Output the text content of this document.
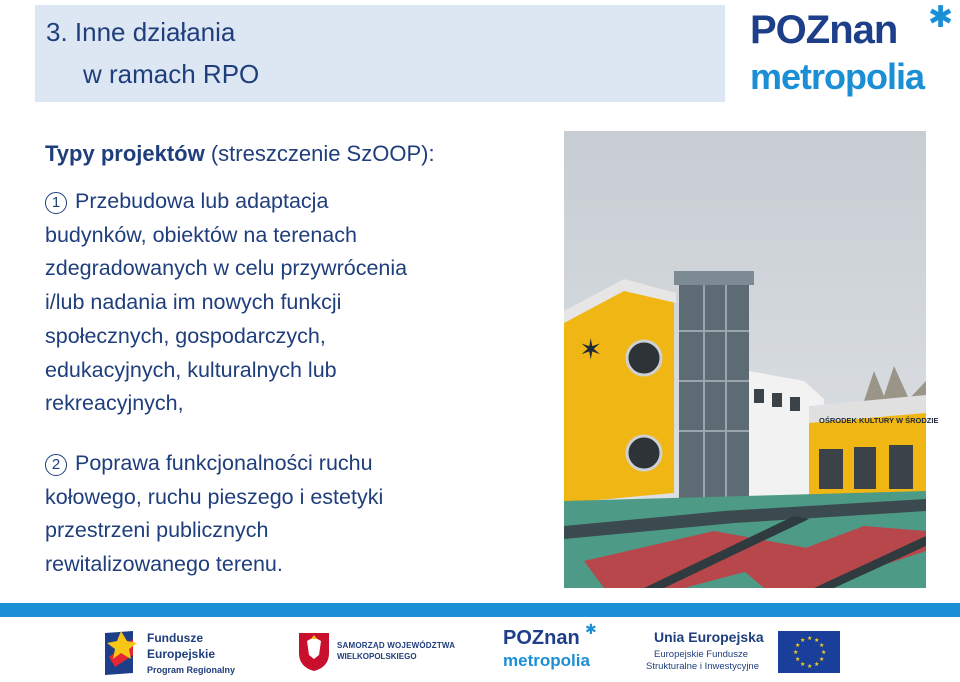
3. Inne działania
w ramach RPO
POZnan ✱
metropolia
Typy projektów (streszczenie SzOOP):
1 Przebudowa lub adaptacja
budynków, obiektów na terenach
zdegradowanych w celu przywrócenia
i/lub nadania im nowych funkcji
społecznych, gospodarczych,
edukacyjnych, kulturalnych lub
rekreacyjnych,
2 Poprawa funkcjonalności ruchu
kołowego, ruchu pieszego i estetyki
przestrzeni publicznych
rewitalizowanego terenu.
✶
OŚRODEK KULTURY W ŚRODZIE
Fundusze
Europejskie
Program Regionalny
SAMORZĄD WOJEWÓDZTWA
WIELKOPOLSKIEGO
POZnan ✱
metropolia
Unia Europejska
Europejskie Fundusze
Strukturalne i Inwestycyjne
★ ★
★
★
★
★
★
★
★
★
★
★
